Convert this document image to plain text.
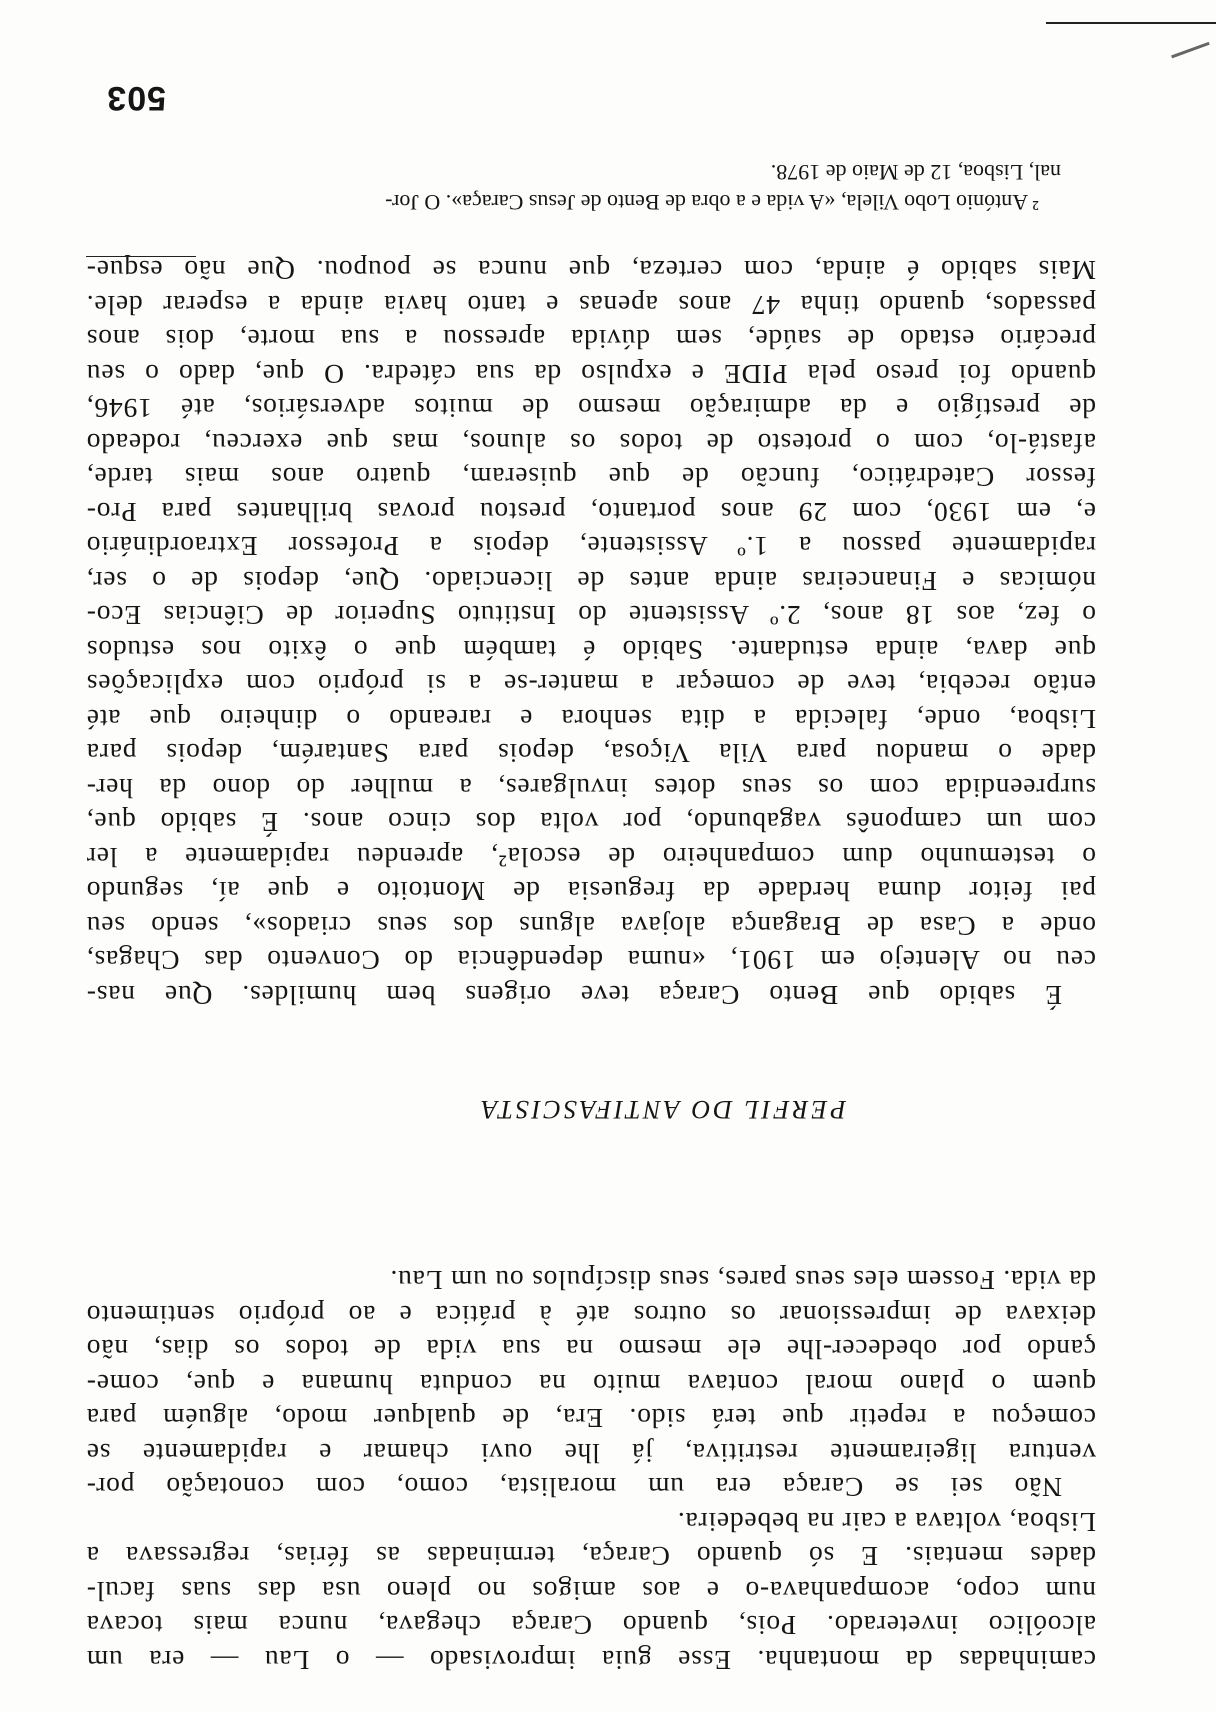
caminhadas da montanha. Esse guia improvisado — o Lau — era um
alcoólico inveterado. Pois, quando Caraça chegava, nunca mais tocava
num copo, acompanhava-o e aos amigos no pleno usa das suas facul-
dades mentais. E só quando Caraça, terminadas as férias, regressava a
Lisboa, voltava a cair na bebedeira.
Não sei se Caraça era um moralista, como, com conotação por-
ventura ligeiramente restritiva, já lhe ouvi chamar e rapidamente se
começou a repetir que terá sido. Era, de qualquer modo, alguém para
quem o plano moral contava muito na conduta humana e que, come-
çando por obedecer-lhe ele mesmo na sua vida de todos os dias, não
deixava de impressionar os outros até à prática e ao próprio sentimento
da vida. Fossem eles seus pares, seus discípulos ou um Lau.
PERFIL DO ANTIFASCISTA
É sabido que Bento Caraça teve origens bem humildes. Que nas-
ceu no Alentejo em 1901, «numa dependência do Convento das Chagas,
onde a Casa de Bragança alojava alguns dos seus criados», sendo seu
pai feitor duma herdade da freguesia de Montoito e que aí, segundo
o testemunho dum companheiro de escola², aprendeu rapidamente a ler
com um camponês vagabundo, por volta dos cinco anos. É sabido que,
surpreendida com os seus dotes invulgares, a mulher do dono da her-
dade o mandou para Vila Viçosa, depois para Santarém, depois para
Lisboa, onde, falecida a dita senhora e rareando o dinheiro que até
então recebia, teve de começar a manter-se a si próprio com explicações
que dava, ainda estudante. Sabido é também que o êxito nos estudos
o fez, aos 18 anos, 2.º Assistente do Instituto Superior de Ciências Eco-
nómicas e Financeiras ainda antes de licenciado. Que, depois de o ser,
rapidamente passou a 1.º Assistente, depois a Professor Extraordinário
e, em 1930, com 29 anos portanto, prestou provas brilhantes para Pro-
fessor Catedrático, funcão de que quiseram, quatro anos mais tarde,
afastá-lo, com o protesto de todos os alunos, mas que exerceu, rodeado
de prestígio e da admiração mesmo de muitos adversários, até 1946,
quando foi preso pela PIDE e expulso da sua cátedra. O que, dado o seu
precário estado de saúde, sem dúvida apressou a sua morte, dois anos
passados, quando tinha 47 anos apenas e tanto havia ainda a esperar dele.
Mais sabido é ainda, com certeza, que nunca se poupou. Que não esque-
² António Lobo Vilela, «A vida e a obra de Bento de Jesus Caraça». O Jor-
nal, Lisboa, 12 de Maio de 1978.
503
